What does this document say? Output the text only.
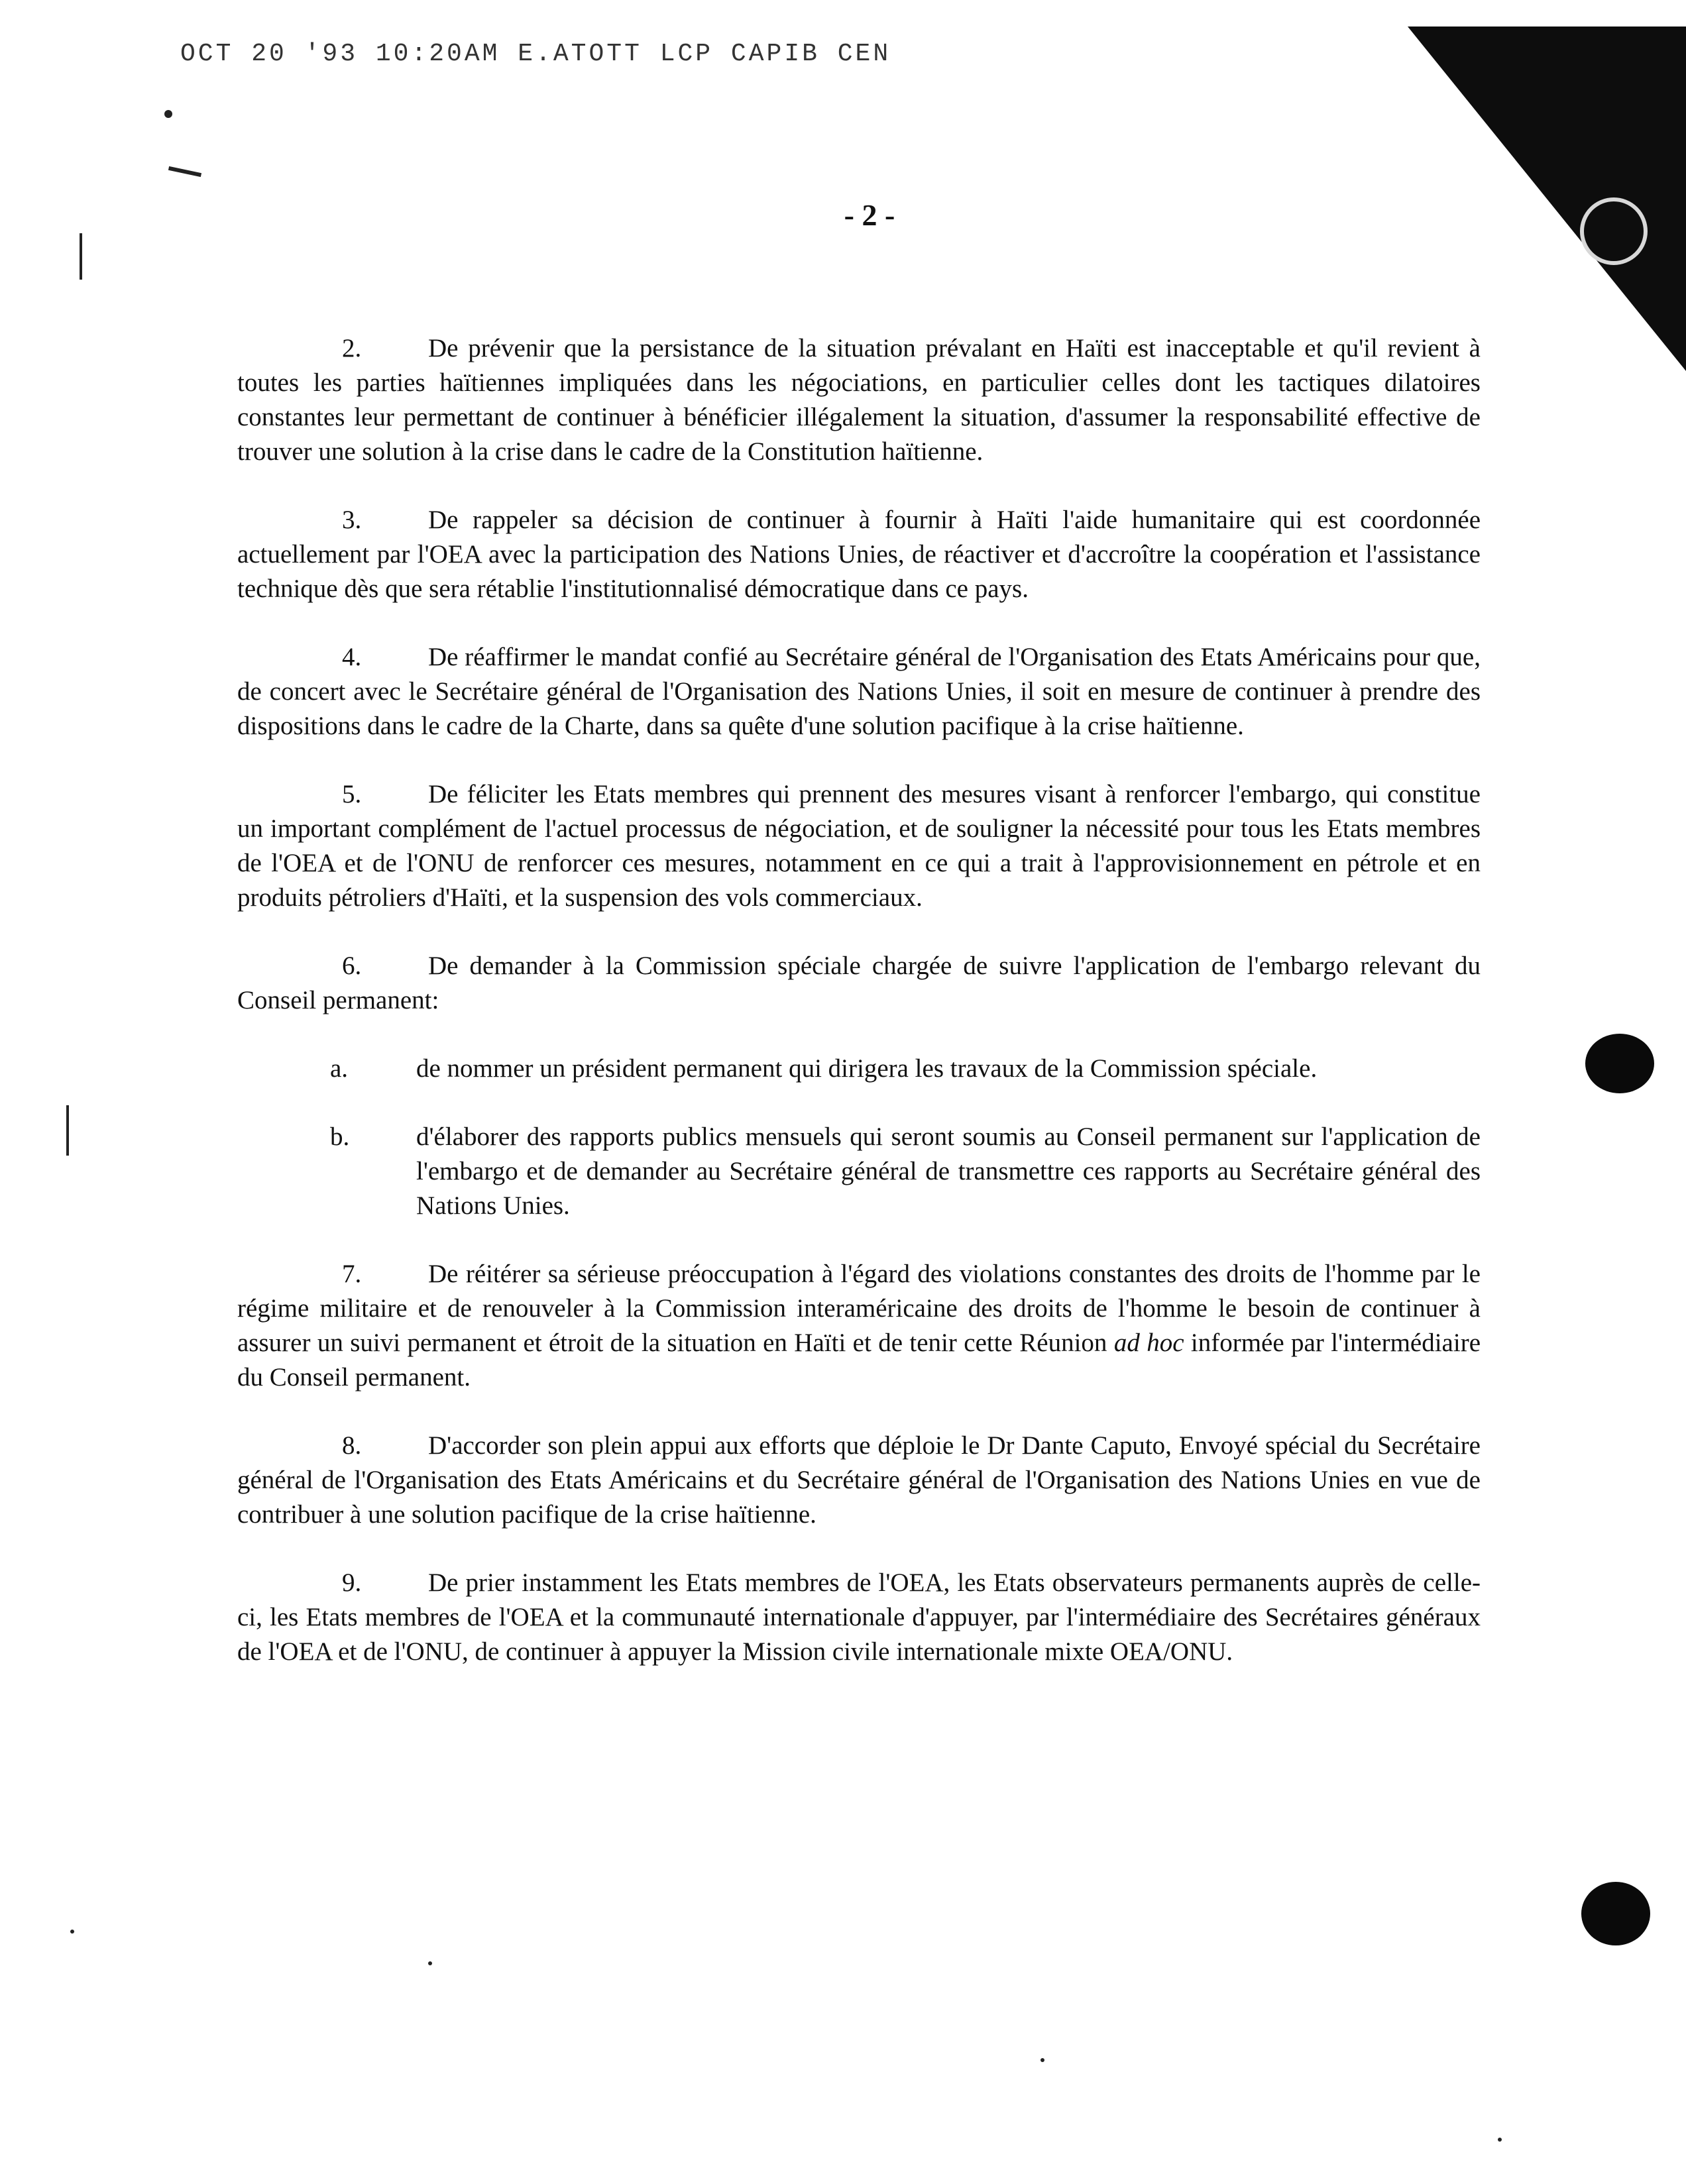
OCT 20 '93 10:20AM E.ATOTT LCP CAPIB CEN
- 2 -

2.	De prévenir que la persistance de la situation prévalant en Haïti est inacceptable et qu'il revient à toutes les parties haïtiennes impliquées dans les négociations, en particulier celles dont les tactiques dilatoires constantes leur permettant de continuer à bénéficier illégalement la situation, d'assumer la responsabilité effective de trouver une solution à la crise dans le cadre de la Constitution haïtienne.

3.	De rappeler sa décision de continuer à fournir à Haïti l'aide humanitaire qui est coordonnée actuellement par l'OEA avec la participation des Nations Unies, de réactiver et d'accroître la coopération et l'assistance technique dès que sera rétablie l'institutionnalisé démocratique dans ce pays.

4.	De réaffirmer le mandat confié au Secrétaire général de l'Organisation des Etats Américains pour que, de concert avec le Secrétaire général de l'Organisation des Nations Unies, il soit en mesure de continuer à prendre des dispositions dans le cadre de la Charte, dans sa quête d'une solution pacifique à la crise haïtienne.

5.	De féliciter les Etats membres qui prennent des mesures visant à renforcer l'embargo, qui constitue un important complément de l'actuel processus de négociation, et de souligner la nécessité pour tous les Etats membres de l'OEA et de l'ONU de renforcer ces mesures, notamment en ce qui a trait à l'approvisionnement en pétrole et en produits pétroliers d'Haïti, et la suspension des vols commerciaux.

6.	De demander à la Commission spéciale chargée de suivre l'application de l'embargo relevant du Conseil permanent:

a.	de nommer un président permanent qui dirigera les travaux de la Commission spéciale.
b.	d'élaborer des rapports publics mensuels qui seront soumis au Conseil permanent sur l'application de l'embargo et de demander au Secrétaire général de transmettre ces rapports au Secrétaire général des Nations Unies.

7.	De réitérer sa sérieuse préoccupation à l'égard des violations constantes des droits de l'homme par le régime militaire et de renouveler à la Commission interaméricaine des droits de l'homme le besoin de continuer à assurer un suivi permanent et étroit de la situation en Haïti et de tenir cette Réunion ad hoc informée par l'intermédiaire du Conseil permanent.

8.	D'accorder son plein appui aux efforts que déploie le Dr Dante Caputo, Envoyé spécial du Secrétaire général de l'Organisation des Etats Américains et du Secrétaire général de l'Organisation des Nations Unies en vue de contribuer à une solution pacifique de la crise haïtienne.

9.	De prier instamment les Etats membres de l'OEA, les Etats observateurs permanents auprès de celle-ci, les Etats membres de l'OEA et la communauté internationale d'appuyer, par l'intermédiaire des Secrétaires généraux de l'OEA et de l'ONU, de continuer à appuyer la Mission civile internationale mixte OEA/ONU.
